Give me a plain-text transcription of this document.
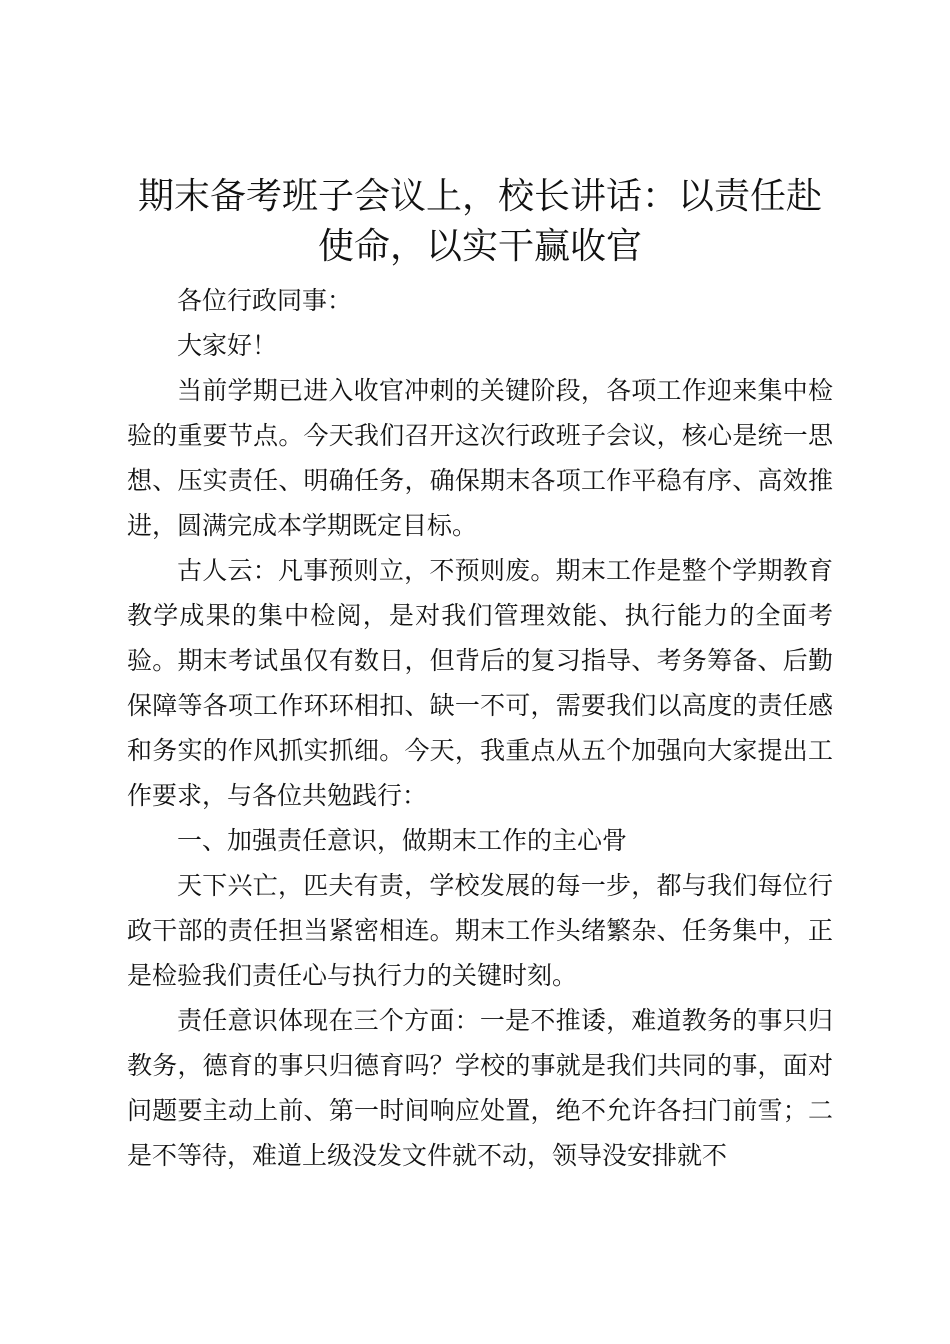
期末备考班子会议上，校长讲话：以责任赴使命，以实干赢收官

各位行政同事：

大家好！

当前学期已进入收官冲刺的关键阶段，各项工作迎来集中检验的重要节点。今天我们召开这次行政班子会议，核心是统一思想、压实责任、明确任务，确保期末各项工作平稳有序、高效推进，圆满完成本学期既定目标。

古人云：凡事预则立，不预则废。期末工作是整个学期教育教学成果的集中检阅，是对我们管理效能、执行能力的全面考验。期末考试虽仅有数日，但背后的复习指导、考务筹备、后勤保障等各项工作环环相扣、缺一不可，需要我们以高度的责任感和务实的作风抓实抓细。今天，我重点从五个加强向大家提出工作要求，与各位共勉践行：

一、加强责任意识，做期末工作的主心骨

天下兴亡，匹夫有责，学校发展的每一步，都与我们每位行政干部的责任担当紧密相连。期末工作头绪繁杂、任务集中，正是检验我们责任心与执行力的关键时刻。

责任意识体现在三个方面：一是不推诿，难道教务的事只归教务，德育的事只归德育吗？学校的事就是我们共同的事，面对问题要主动上前、第一时间响应处置，绝不允许各扫门前雪；二是不等待，难道上级没发文件就不动，领导没安排就不
